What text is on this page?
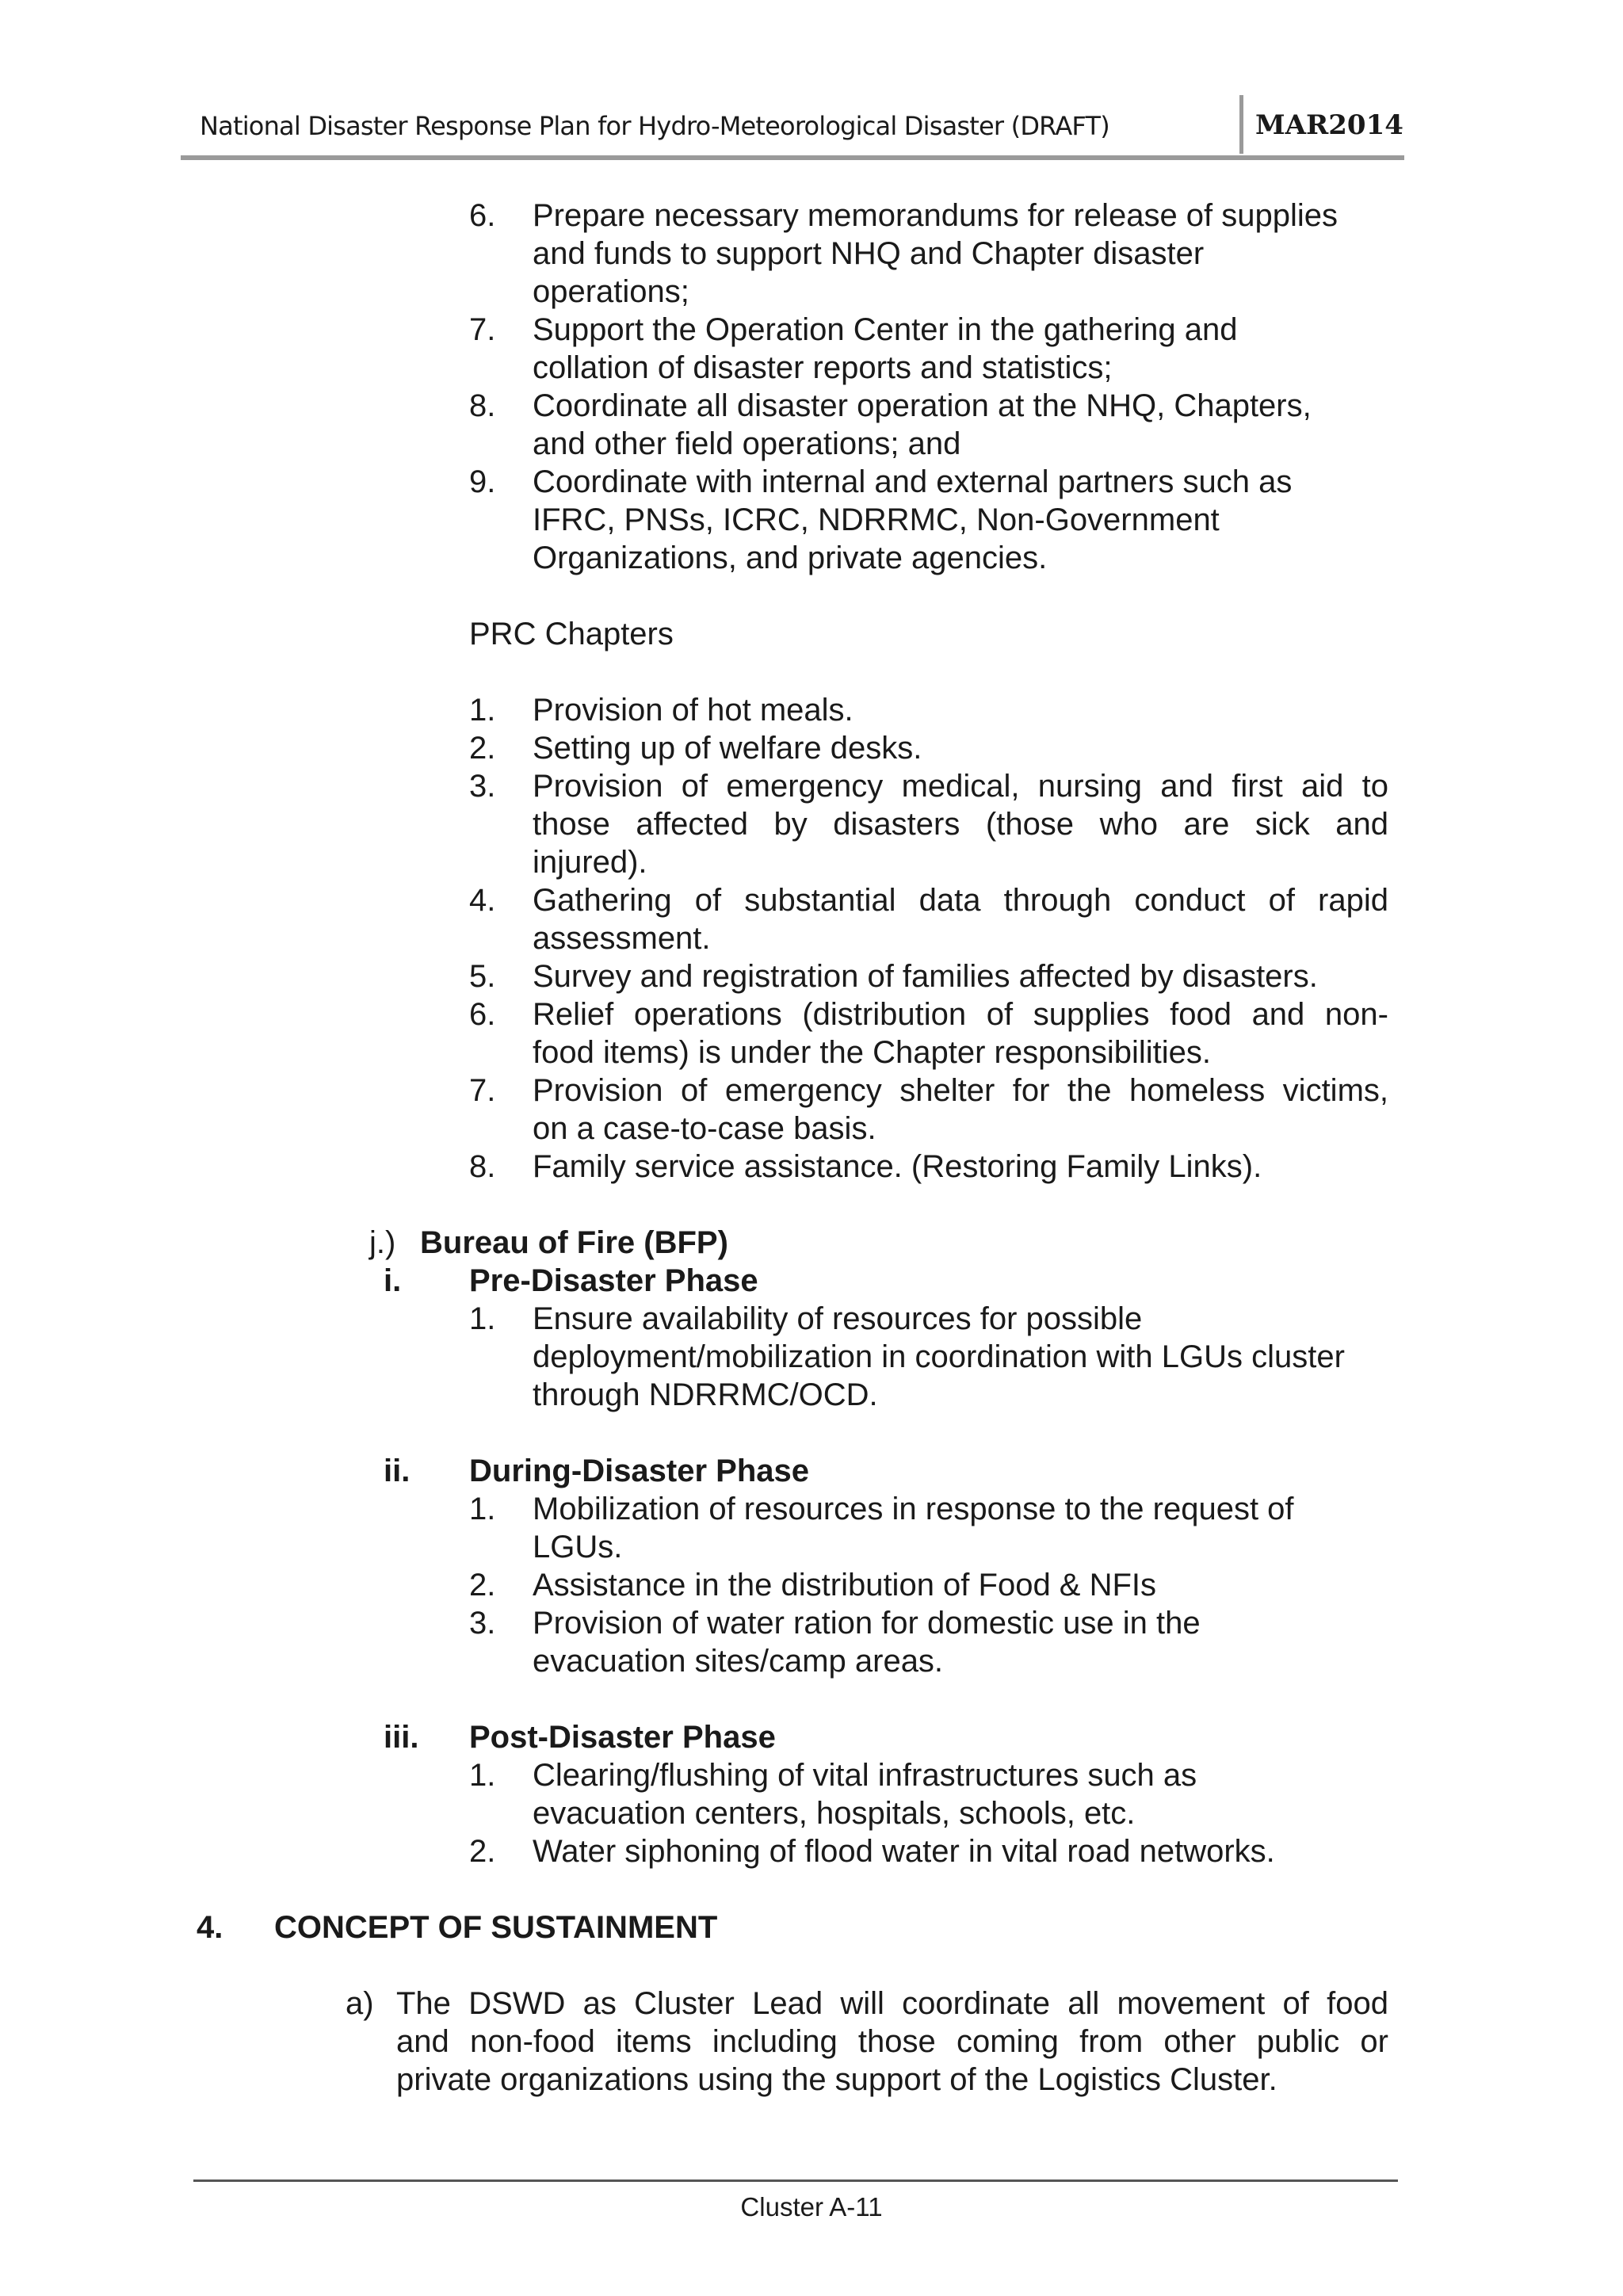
National Disaster Response Plan for Hydro-Meteorological Disaster (DRAFT)	MAR2014
6. Prepare necessary memorandums for release of supplies
and funds to support NHQ and Chapter disaster
operations;
7. Support the Operation Center in the gathering and
collation of disaster reports and statistics;
8. Coordinate all disaster operation at the NHQ, Chapters,
and other field operations; and
9. Coordinate with internal and external partners such as
IFRC, PNSs, ICRC, NDRRMC, Non-Government
Organizations, and private agencies.
PRC Chapters
1. Provision of hot meals.
2. Setting up of welfare desks.
3. Provision of emergency medical, nursing and first aid to
those affected by disasters (those who are sick and
injured).
4. Gathering of substantial data through conduct of rapid
assessment.
5. Survey and registration of families affected by disasters.
6. Relief operations (distribution of supplies food and non-
food items) is under the Chapter responsibilities.
7. Provision of emergency shelter for the homeless victims,
on a case-to-case basis.
8. Family service assistance. (Restoring Family Links).
j.) Bureau of Fire (BFP)
i. Pre-Disaster Phase
1. Ensure availability of resources for possible
deployment/mobilization in coordination with LGUs cluster
through NDRRMC/OCD.
ii. During-Disaster Phase
1. Mobilization of resources in response to the request of
LGUs.
2. Assistance in the distribution of Food & NFIs
3. Provision of water ration for domestic use in the
evacuation sites/camp areas.
iii. Post-Disaster Phase
1. Clearing/flushing of vital infrastructures such as
evacuation centers, hospitals, schools, etc.
2. Water siphoning of flood water in vital road networks.
4. CONCEPT OF SUSTAINMENT
a) The DSWD as Cluster Lead will coordinate all movement of food
and non-food items including those coming from other public or
private organizations using the support of the Logistics Cluster.
Cluster A-11
